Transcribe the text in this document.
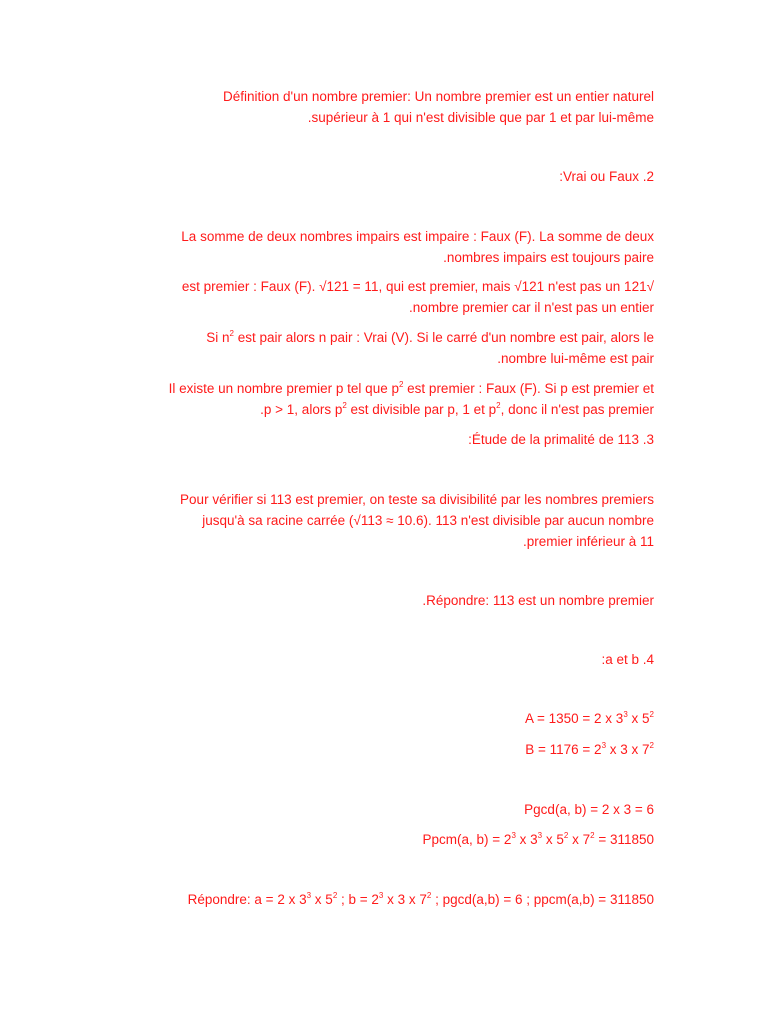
Définition d'un nombre premier: Un nombre premier est un entier naturel
.supérieur à 1 qui n'est divisible que par 1 et par lui-même
:Vrai ou Faux .2
La somme de deux nombres impairs est impaire : Faux (F). La somme de deux
.nombres impairs est toujours paire
est premier : Faux (F). √121 = 11, qui est premier, mais √121 n'est pas un 121√
.nombre premier car il n'est pas un entier
Si $n^2$ est pair alors n pair : Vrai (V). Si le carré d'un nombre est pair, alors le
.nombre lui-même est pair
Il existe un nombre premier p tel que $p^2$ est premier : Faux (F). Si p est premier et
.p > 1, alors $p^2$ est divisible par p, 1 et $p^2$, donc il n'est pas premier
:Étude de la primalité de 113 .3
Pour vérifier si 113 est premier, on teste sa divisibilité par les nombres premiers
jusqu'à sa racine carrée (√113 ≈ 10.6). 113 n'est divisible par aucun nombre
.premier inférieur à 11
.Répondre: 113 est un nombre premier
:a et b .4
A = 1350 = 2 x $3^3$ x $5^2$
$B = 1176 = 2^3$ x 3 x $7^2$
Pgcd(a, b) = 2 x 3 = 6
Ppcm(a, $b) = 2^3$ x $3^3$ x $5^2$ x $7^2 = 311850$
Répondre: a = 2 x $3^3$ x $5^2$ ; $b = 2^3$ x 3 x $7^2$ ; pgcd(a,b) = 6 ; ppcm(a,b) = 311850
